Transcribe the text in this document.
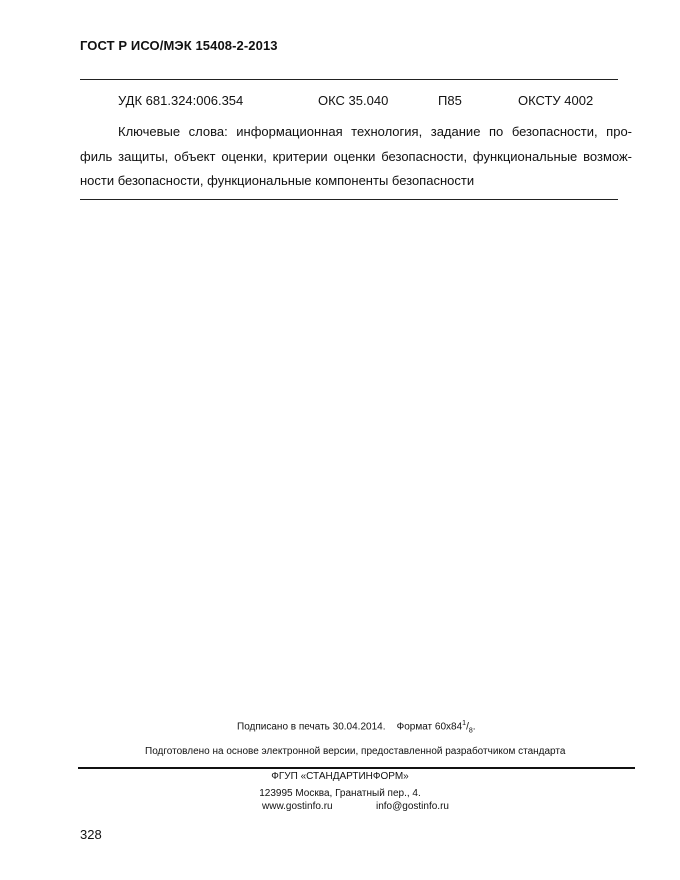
ГОСТ Р ИСО/МЭК 15408-2-2013
УДК 681.324:006.354	ОКС 35.040	П85	ОКСТУ 4002
Ключевые слова: информационная технология, задание по безопасности, про-
филь защиты, объект оценки, критерии оценки безопасности, функциональные возмож-
ности безопасности, функциональные компоненты безопасности
Подписано в печать 30.04.2014. Формат $60х84^1/_8$.
Подготовлено на основе электронной версии, предоставленной разработчиком стандарта
ФГУП «СТАНДАРТИНФОРМ»
123995 Москва, Гранатный пер., 4.
www.gostinfo.ru	info@gostinfo.ru
328
